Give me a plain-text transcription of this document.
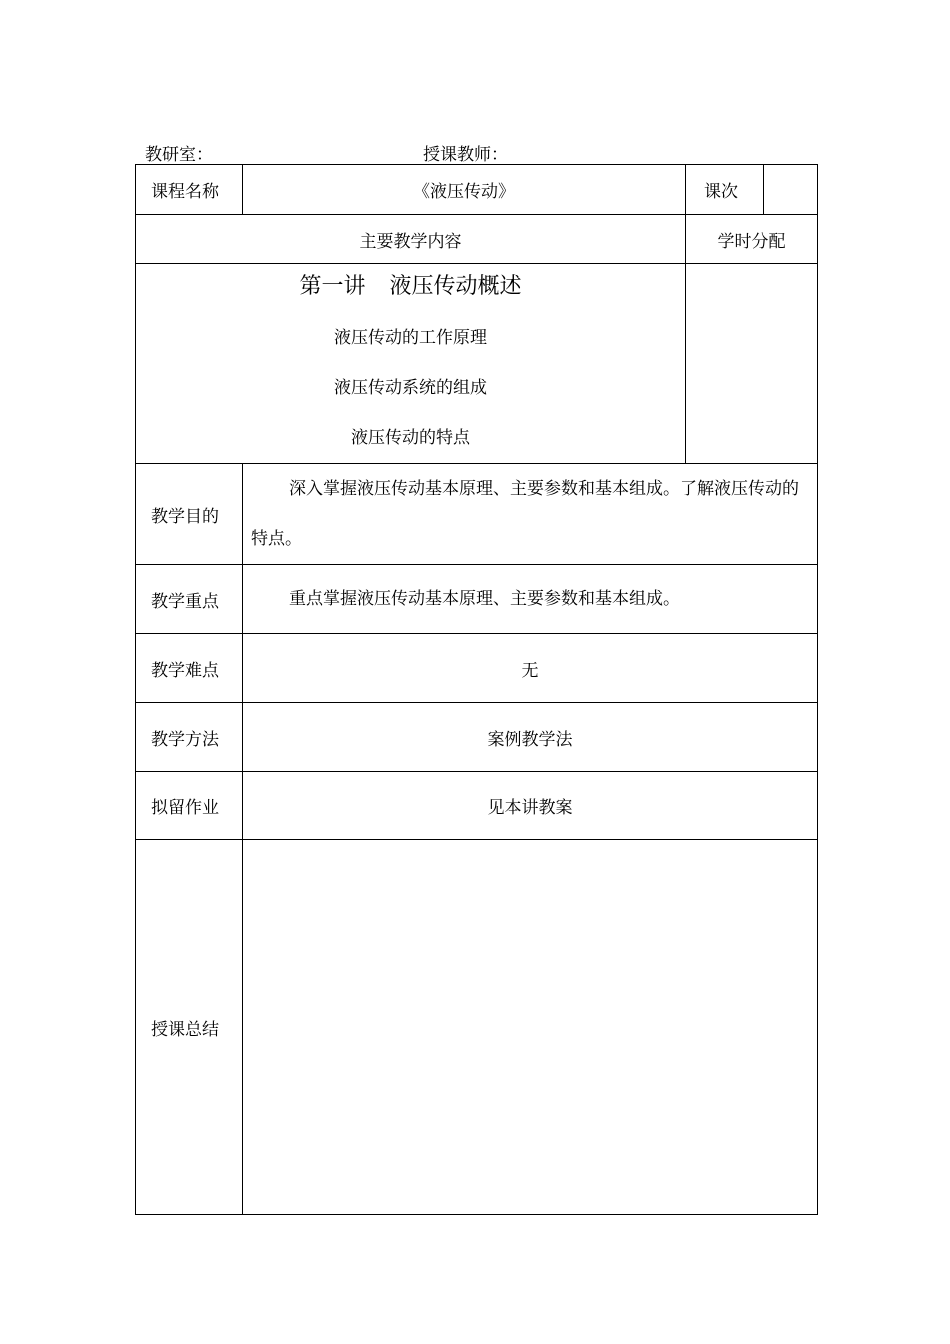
教研室：	授课教师：
课程名称	《液压传动》	课次	
主要教学内容		学时分配	

第一讲 液压传动概述
液压传动的工作原理
液压传动系统的组成
液压传动的特点			

教学目的	深入掌握液压传动基本原理、主要参数和基本组成。了解液压传动的特点。		
教学重点	重点掌握液压传动基本原理、主要参数和基本组成。		
教学难点	无		
教学方法	案例教学法		
拟留作业	见本讲教案		
授课总结			
